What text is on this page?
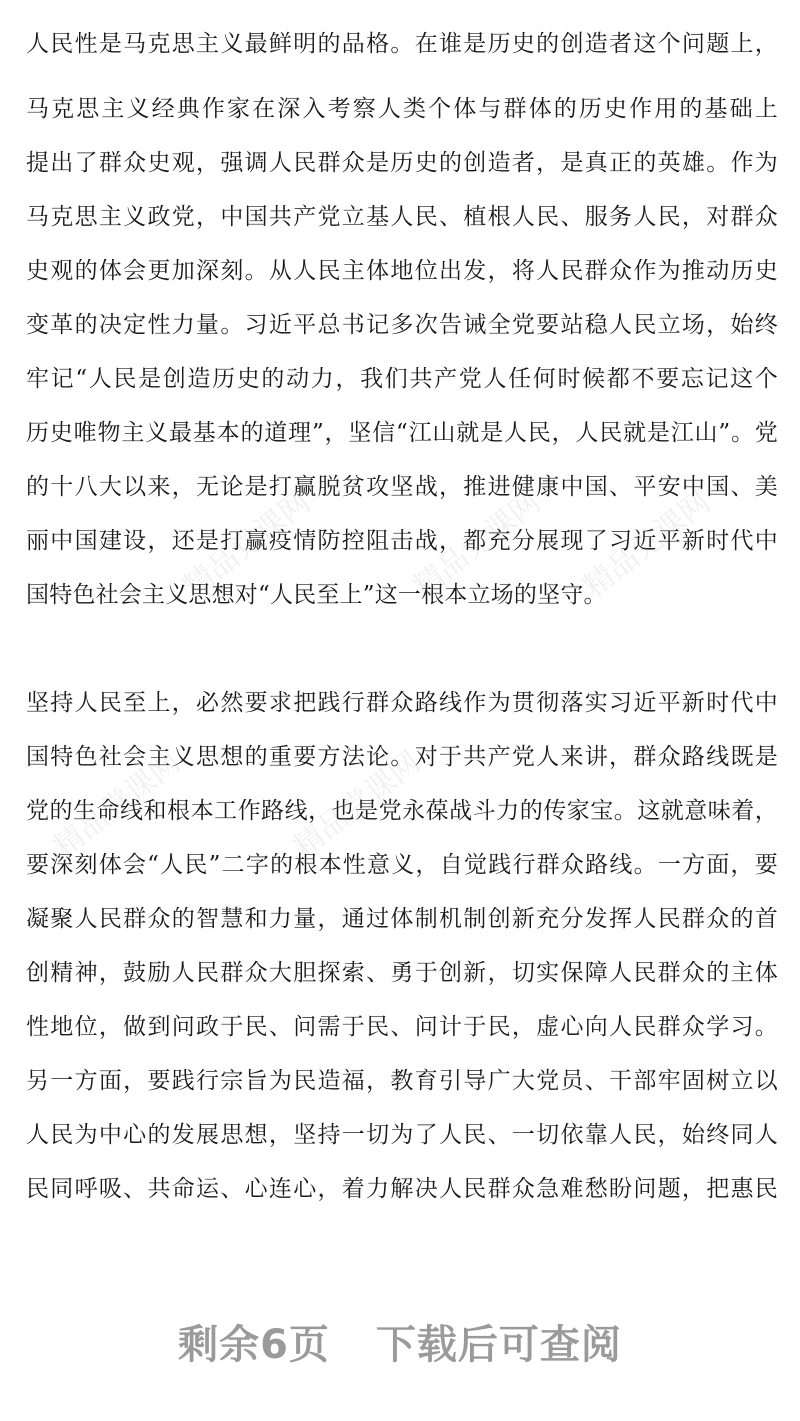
人民性是马克思主义最鲜明的品格。在谁是历史的创造者这个问题上，
马克思主义经典作家在深入考察人类个体与群体的历史作用的基础上
提出了群众史观，强调人民群众是历史的创造者，是真正的英雄。作为
马克思主义政党，中国共产党立基人民、植根人民、服务人民，对群众
史观的体会更加深刻。从人民主体地位出发，将人民群众作为推动历史
变革的决定性力量。习近平总书记多次告诫全党要站稳人民立场，始终
牢记“人民是创造历史的动力，我们共产党人任何时候都不要忘记这个
历史唯物主义最基本的道理”，坚信“江山就是人民，人民就是江山”。党
的十八大以来，无论是打赢脱贫攻坚战，推进健康中国、平安中国、美
丽中国建设，还是打赢疫情防控阻击战，都充分展现了习近平新时代中
国特色社会主义思想对“人民至上”这一根本立场的坚守。
坚持人民至上，必然要求把践行群众路线作为贯彻落实习近平新时代中
国特色社会主义思想的重要方法论。对于共产党人来讲，群众路线既是
党的生命线和根本工作路线，也是党永葆战斗力的传家宝。这就意味着，
要深刻体会“人民”二字的根本性意义，自觉践行群众路线。一方面，要
凝聚人民群众的智慧和力量，通过体制机制创新充分发挥人民群众的首
创精神，鼓励人民群众大胆探索、勇于创新，切实保障人民群众的主体
性地位，做到问政于民、问需于民、问计于民，虚心向人民群众学习。
另一方面，要践行宗旨为民造福，教育引导广大党员、干部牢固树立以
人民为中心的发展思想，坚持一切为了人民、一切依靠人民，始终同人
民同呼吸、共命运、心连心，着力解决人民群众急难愁盼问题，把惠民
精品党课网	精品党课网 精品党课网
精品党课网
精品党课网
剩余6页 下载后可查阅
